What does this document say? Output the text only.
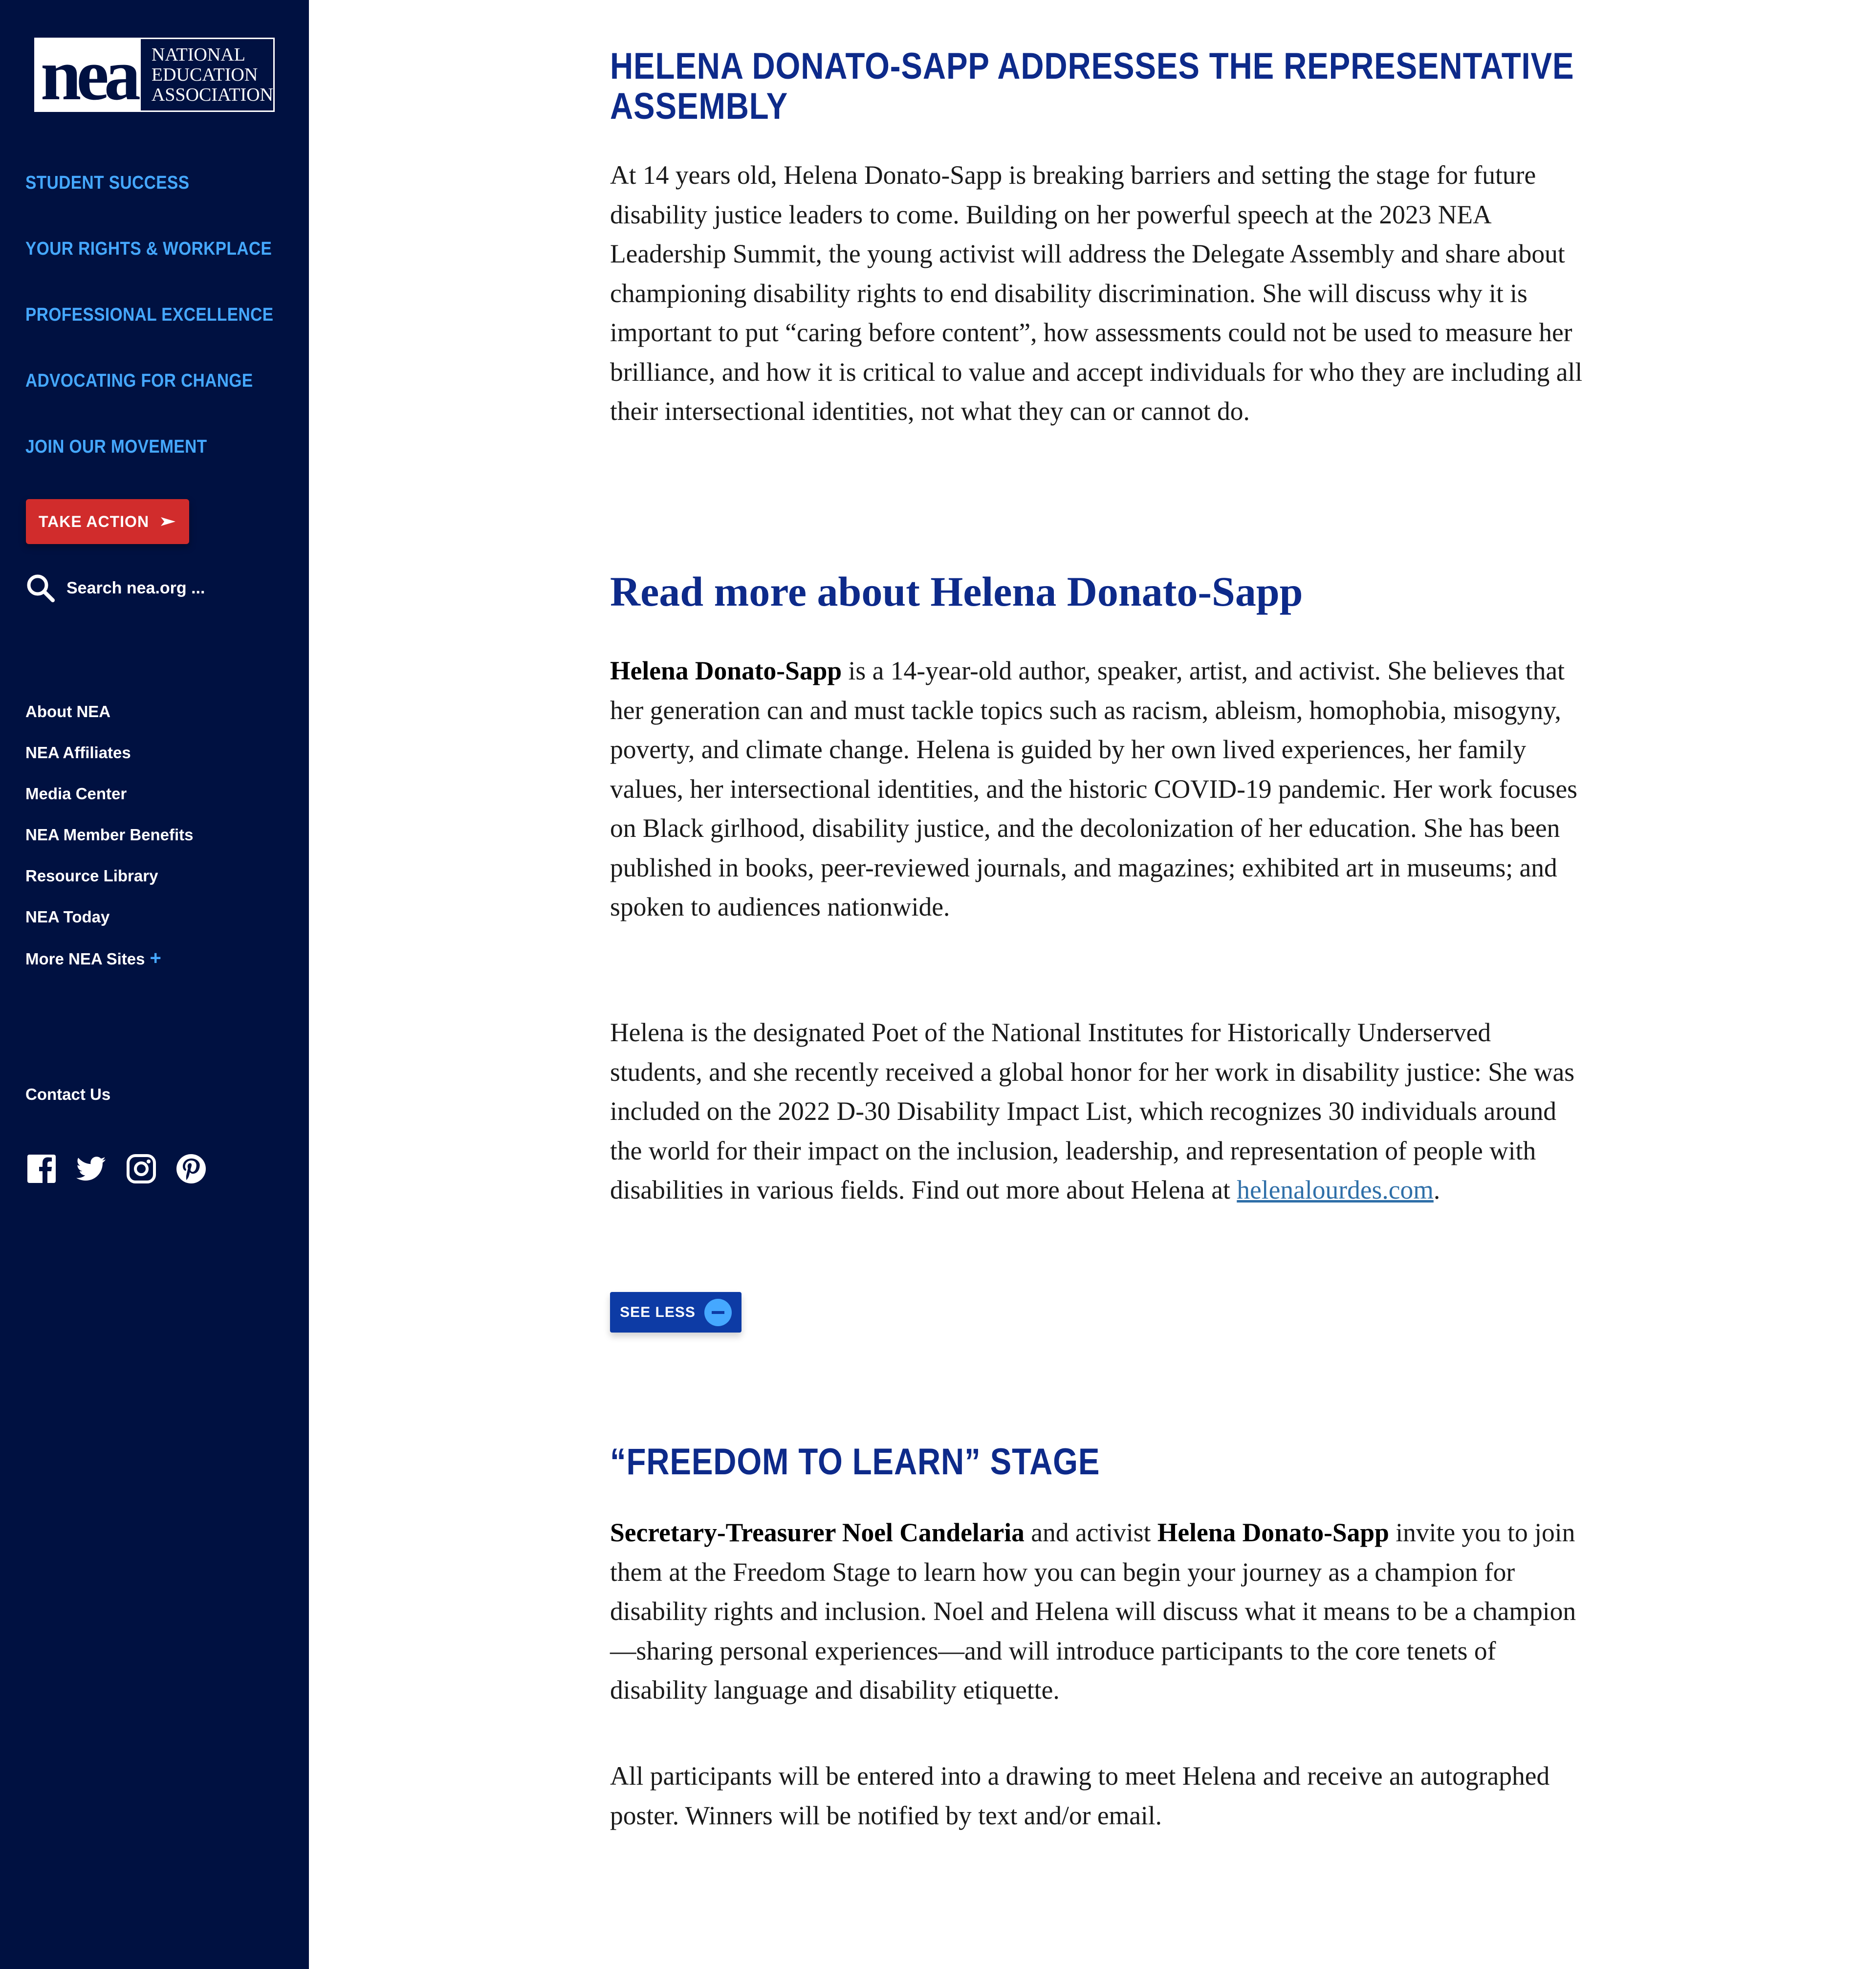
nea NATIONAL
EDUCATION
ASSOCIATION
STUDENT SUCCESS
YOUR RIGHTS & WORKPLACE
PROFESSIONAL EXCELLENCE
ADVOCATING FOR CHANGE
JOIN OUR MOVEMENT
TAKE ACTION
Search nea.org ...
About NEA
NEA Affiliates
Media Center
NEA Member Benefits
Resource Library
NEA Today
More NEA Sites +
Contact Us
HELENA DONATO-SAPP ADDRESSES THE REPRESENTATIVE
ASSEMBLY

At 14 years old, Helena Donato-Sapp is breaking barriers and setting the stage for future disability justice leaders to come. Building on her powerful speech at the 2023 NEA Leadership Summit, the young activist will address the Delegate Assembly and share about championing disability rights to end disability discrimination. She will discuss why it is important to put “caring before content”, how assessments could not be used to measure her brilliance, and how it is critical to value and accept individuals for who they are including all their intersectional identities, not what they can or cannot do.

Read more about Helena Donato-Sapp

Helena Donato-Sapp is a 14-year-old author, speaker, artist, and activist. She believes that her generation can and must tackle topics such as racism, ableism, homophobia, misogyny, poverty, and climate change. Helena is guided by her own lived experiences, her family values, her intersectional identities, and the historic COVID-19 pandemic. Her work focuses on Black girlhood, disability justice, and the decolonization of her education. She has been published in books, peer-reviewed journals, and magazines; exhibited art in museums; and spoken to audiences nationwide.

Helena is the designated Poet of the National Institutes for Historically Underserved students, and she recently received a global honor for her work in disability justice: She was included on the 2022 D-30 Disability Impact List, which recognizes 30 individuals around the world for their impact on the inclusion, leadership, and representation of people with disabilities in various fields. Find out more about Helena at helenalourdes.com.

SEE LESS
“FREEDOM TO LEARN” STAGE

Secretary-Treasurer Noel Candelaria and activist Helena Donato-Sapp invite you to join them at the Freedom Stage to learn how you can begin your journey as a champion for disability rights and inclusion. Noel and Helena will discuss what it means to be a champion—sharing personal experiences—and will introduce participants to the core tenets of disability language and disability etiquette.

All participants will be entered into a drawing to meet Helena and receive an autographed poster. Winners will be notified by text and/or email.
